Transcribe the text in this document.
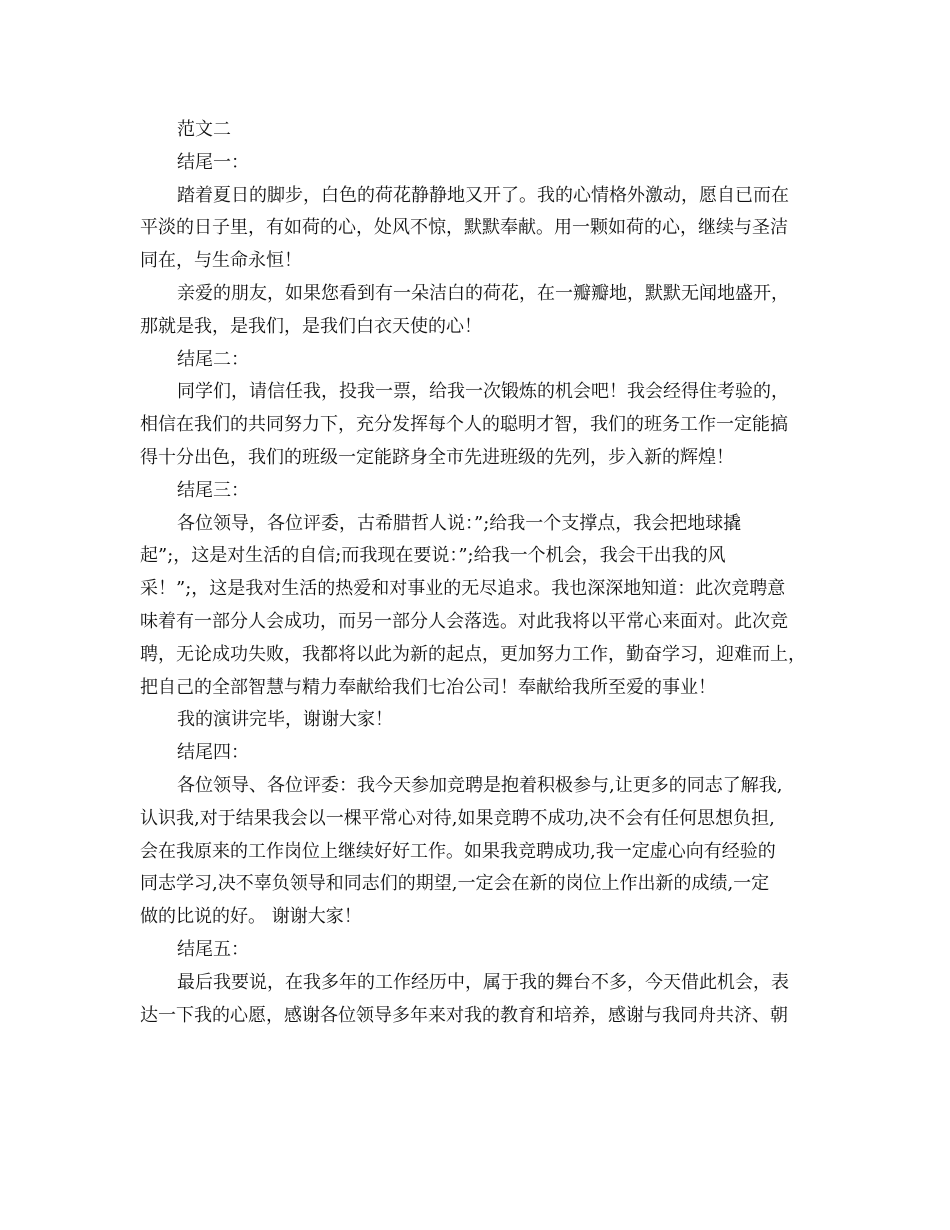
范文二
结尾一：
踏着夏日的脚步，白色的荷花静静地又开了。我的心情格外激动，愿自已而在
平淡的日子里，有如荷的心，处风不惊，默默奉献。用一颗如荷的心，继续与圣洁
同在，与生命永恒！
亲爱的朋友，如果您看到有一朵洁白的荷花，在一瓣瓣地，默默无闻地盛开，
那就是我，是我们，是我们白衣天使的心！
结尾二：
同学们，请信任我，投我一票，给我一次锻炼的机会吧！我会经得住考验的，
相信在我们的共同努力下，充分发挥每个人的聪明才智，我们的班务工作一定能搞
得十分出色，我们的班级一定能跻身全市先进班级的先列，步入新的辉煌！
结尾三：
各位领导，各位评委，古希腊哲人说：”;给我一个支撑点，我会把地球撬
起”;，这是对生活的自信;而我现在要说：”;给我一个机会，我会干出我的风
采！”;，这是我对生活的热爱和对事业的无尽追求。我也深深地知道：此次竞聘意
味着有一部分人会成功，而另一部分人会落选。对此我将以平常心来面对。此次竞
聘，无论成功失败，我都将以此为新的起点，更加努力工作，勤奋学习，迎难而上，
把自己的全部智慧与精力奉献给我们七冶公司！奉献给我所至爱的事业！
我的演讲完毕，谢谢大家！
结尾四：
各位领导、各位评委：我今天参加竞聘是抱着积极参与,让更多的同志了解我,
认识我,对于结果我会以一棵平常心对待,如果竞聘不成功,决不会有任何思想负担,
会在我原来的工作岗位上继续好好工作。如果我竞聘成功,我一定虚心向有经验的
同志学习,决不辜负领导和同志们的期望,一定会在新的岗位上作出新的成绩,一定
做的比说的好。 谢谢大家！
结尾五：
最后我要说，在我多年的工作经历中，属于我的舞台不多，今天借此机会，表
达一下我的心愿，感谢各位领导多年来对我的教育和培养，感谢与我同舟共济、朝
